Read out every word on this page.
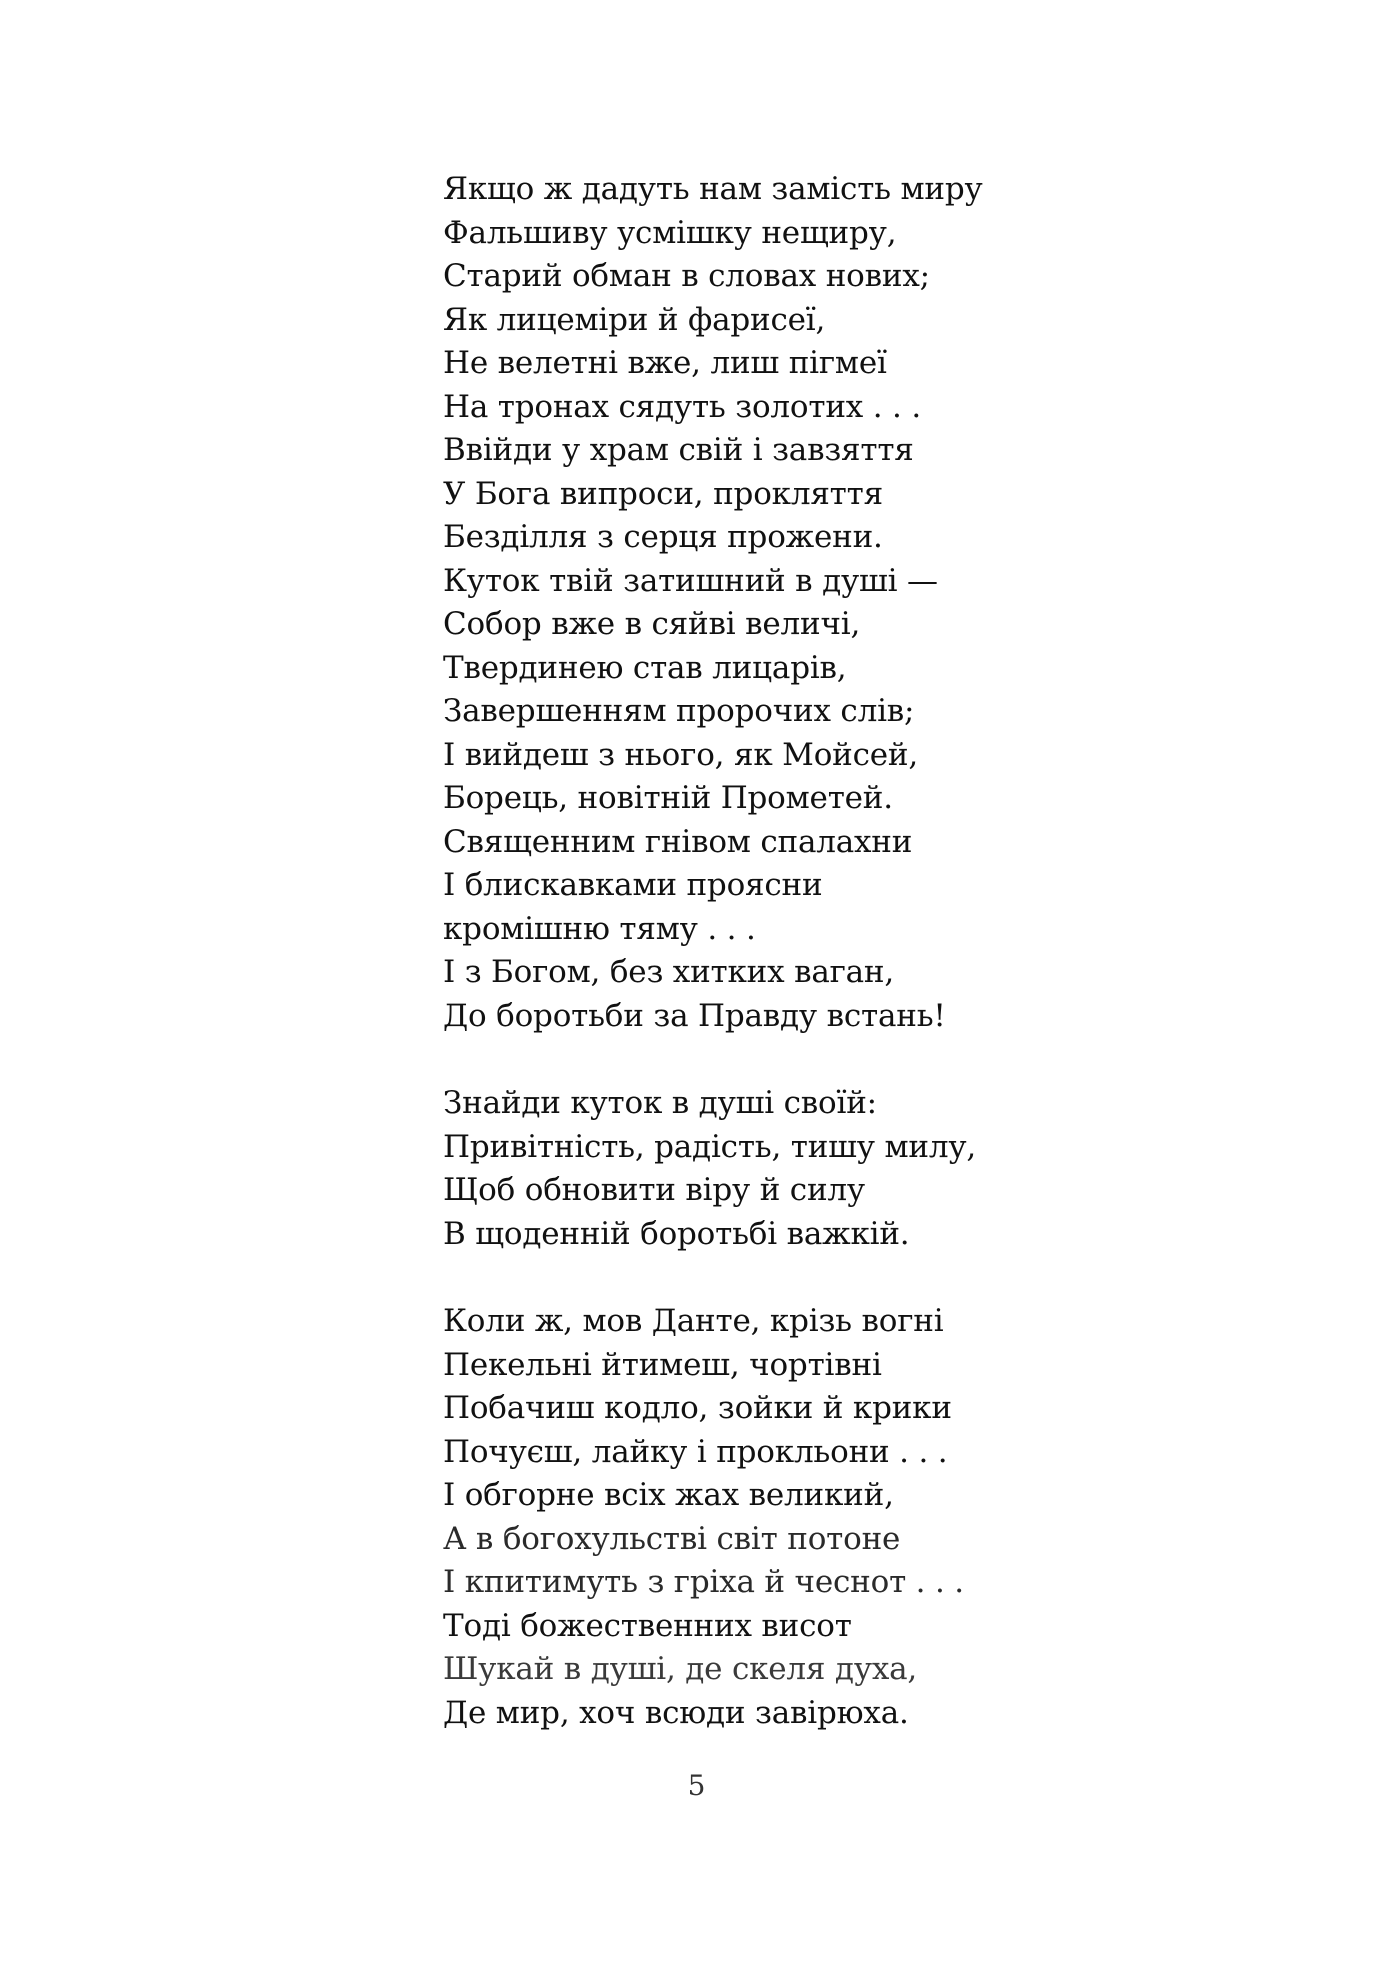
Якщо ж дадуть нам замість миру
Фальшиву усмішку нещиру,
Старий обман в словах нових;
Як лицеміри й фарисеї,
Не велетні вже, лиш пігмеї
На тронах сядуть золотих . . .
Ввійди у храм свій і завзяття
У Бога випроси, прокляття
Безділля з серця прожени.
Куток твій затишний в душі —
Собор вже в сяйві величі,
Твердинею став лицарів,
Завершенням пророчих слів;
І вийдеш з нього, як Мойсей,
Борець, новітній Прометей.
Священним гнівом спалахни
І блискавками проясни
кромішню тяму . . .
І з Богом, без хитких ваган,
До боротьби за Правду встань!
Знайди куток в душі своїй:
Привітність, радість, тишу милу,
Щоб обновити віру й силу
В щоденній боротьбі важкій.
Коли ж, мов Данте, крізь вогні
Пекельні йтимеш, чортівні
Побачиш кодло, зойки й крики
Почуєш, лайку і прокльони . . .
І обгорне всіх жах великий,
А в богохульстві світ потоне
І кпитимуть з гріха й чеснот . . .
Тоді божественних висот
Шукай в душі, де скеля духа,
Де мир, хоч всюди завірюха.
5
